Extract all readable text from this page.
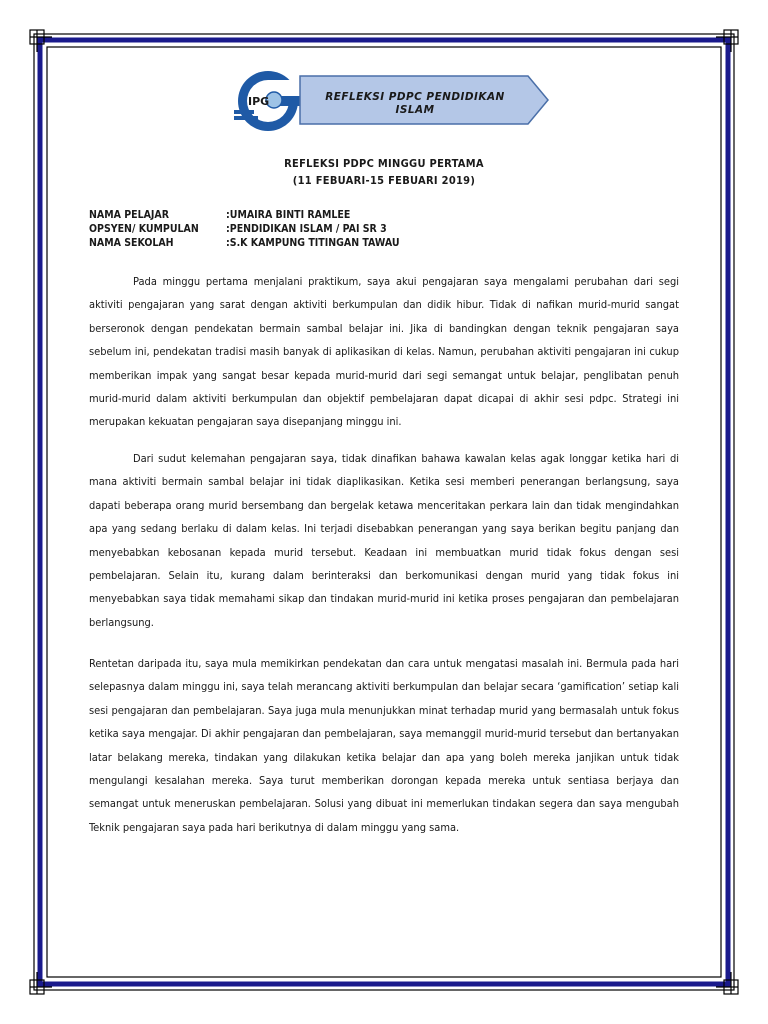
IPG	REFLEKSI PDPC PENDIDIKAN ISLAM
REFLEKSI PDPC MINGGU PERTAMA
(11 FEBUARI-15 FEBUARI 2019)
NAMA PELAJAR	:UMAIRA BINTI RAMLEE
OPSYEN/ KUMPULAN	:PENDIDIKAN ISLAM / PAI SR 3
NAMA SEKOLAH	:S.K KAMPUNG TITINGAN TAWAU

Pada minggu pertama menjalani praktikum, saya akui pengajaran saya mengalami perubahan dari segi aktiviti pengajaran yang sarat dengan aktiviti berkumpulan dan didik hibur. Tidak di nafikan murid-murid sangat berseronok dengan pendekatan bermain sambal belajar ini. Jika di bandingkan dengan teknik pengajaran saya sebelum ini, pendekatan tradisi masih banyak di aplikasikan di kelas. Namun, perubahan aktiviti pengajaran ini cukup memberikan impak yang sangat besar kepada murid-murid dari segi semangat untuk belajar, penglibatan penuh murid-murid dalam aktiviti berkumpulan dan objektif pembelajaran dapat dicapai di akhir sesi pdpc. Strategi ini merupakan kekuatan pengajaran saya disepanjang minggu ini.

Dari sudut kelemahan pengajaran saya, tidak dinafikan bahawa kawalan kelas agak longgar ketika hari di mana aktiviti bermain sambal belajar ini tidak diaplikasikan. Ketika sesi memberi penerangan berlangsung, saya dapati beberapa orang murid bersembang dan bergelak ketawa menceritakan perkara lain dan tidak mengindahkan apa yang sedang berlaku di dalam kelas. Ini terjadi disebabkan penerangan yang saya berikan begitu panjang dan menyebabkan kebosanan kepada murid tersebut. Keadaan ini membuatkan murid tidak fokus dengan sesi pembelajaran. Selain itu, kurang dalam berinteraksi dan berkomunikasi dengan murid yang tidak fokus ini menyebabkan saya tidak memahami sikap dan tindakan murid-murid ini ketika proses pengajaran dan pembelajaran berlangsung.

Rentetan daripada itu, saya mula memikirkan pendekatan dan cara untuk mengatasi masalah ini. Bermula pada hari selepasnya dalam minggu ini, saya telah merancang aktiviti berkumpulan dan belajar secara ‘gamification’ setiap kali sesi pengajaran dan pembelajaran. Saya juga mula menunjukkan minat terhadap murid yang bermasalah untuk fokus ketika saya mengajar. Di akhir pengajaran dan pembelajaran, saya memanggil murid-murid tersebut dan bertanyakan latar belakang mereka, tindakan yang dilakukan ketika belajar dan apa yang boleh mereka janjikan untuk tidak mengulangi kesalahan mereka. Saya turut memberikan dorongan kepada mereka untuk sentiasa berjaya dan semangat untuk meneruskan pembelajaran. Solusi yang dibuat ini memerlukan tindakan segera dan saya mengubah Teknik pengajaran saya pada hari berikutnya di dalam minggu yang sama.
